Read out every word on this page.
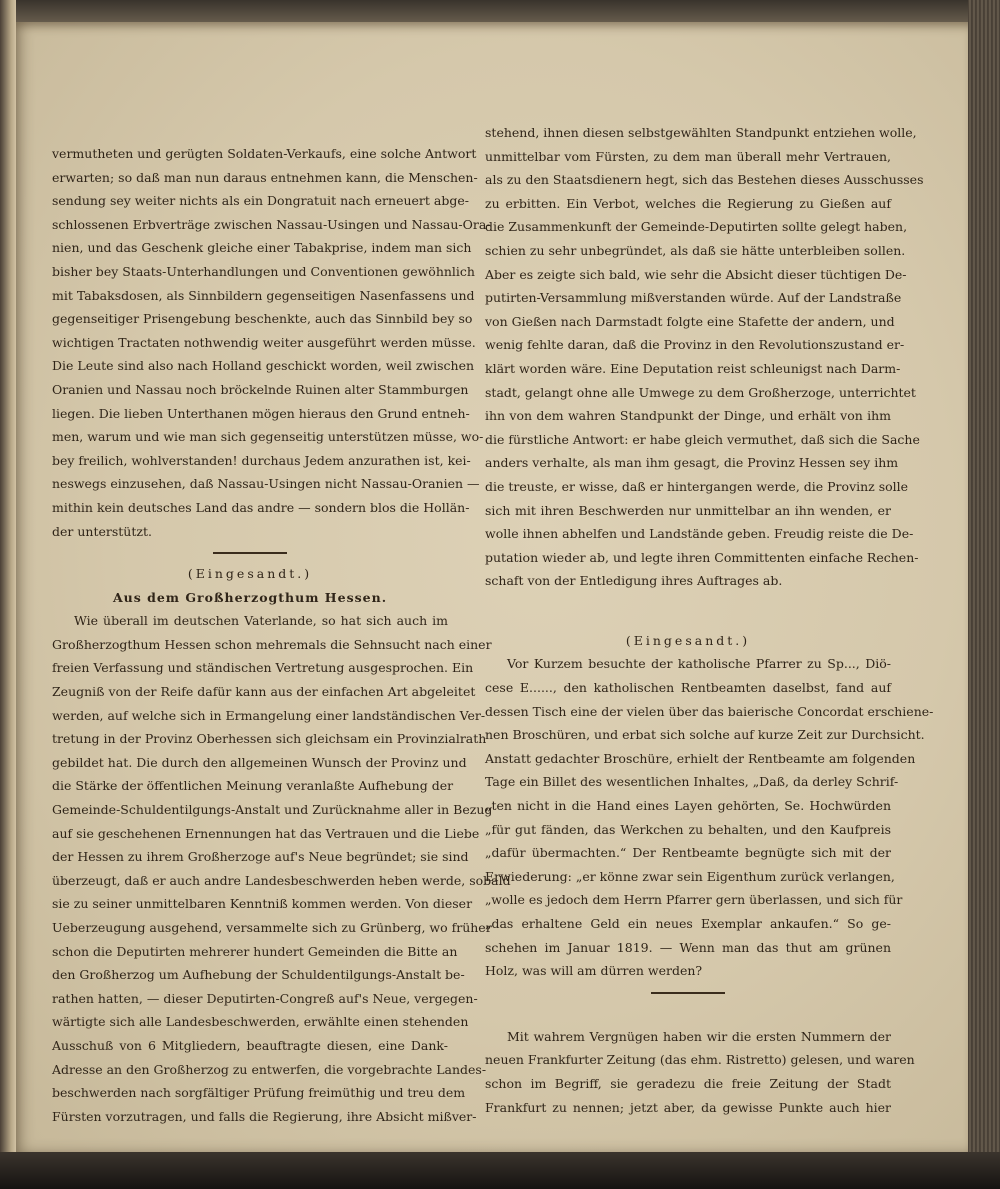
vermutheten und gerügten Soldaten-Verkaufs, eine solche Antwort
erwarten; so daß man nun daraus entnehmen kann, die Menschen-
sendung sey weiter nichts als ein Dongratuit nach erneuert abge-
schlossenen Erbverträge zwischen Nassau-Usingen und Nassau-Ora-
nien, und das Geschenk gleiche einer Tabakprise, indem man sich
bisher bey Staats-Unterhandlungen und Conventionen gewöhnlich
mit Tabaksdosen, als Sinnbildern gegenseitigen Nasenfassens und
gegenseitiger Prisengebung beschenkte, auch das Sinnbild bey so
wichtigen Tractaten nothwendig weiter ausgeführt werden müsse.
Die Leute sind also nach Holland geschickt worden, weil zwischen
Oranien und Nassau noch bröckelnde Ruinen alter Stammburgen
liegen. Die lieben Unterthanen mögen hieraus den Grund entneh-
men, warum und wie man sich gegenseitig unterstützen müsse, wo-
bey freilich, wohlverstanden! durchaus Jedem anzurathen ist, kei-
neswegs einzusehen, daß Nassau-Usingen nicht Nassau-Oranien —
mithin kein deutsches Land das andre — sondern blos die Hollän-
der unterstützt.
(Eingesandt.)
Aus dem Großherzogthum Hessen.
Wie überall im deutschen Vaterlande, so hat sich auch im
Großherzogthum Hessen schon mehremals die Sehnsucht nach einer
freien Verfassung und ständischen Vertretung ausgesprochen. Ein
Zeugniß von der Reife dafür kann aus der einfachen Art abgeleitet
werden, auf welche sich in Ermangelung einer landständischen Ver-
tretung in der Provinz Oberhessen sich gleichsam ein Provinzialrath
gebildet hat. Die durch den allgemeinen Wunsch der Provinz und
die Stärke der öffentlichen Meinung veranlaßte Aufhebung der
Gemeinde-Schuldentilgungs-Anstalt und Zurücknahme aller in Bezug
auf sie geschehenen Ernennungen hat das Vertrauen und die Liebe
der Hessen zu ihrem Großherzoge auf's Neue begründet; sie sind
überzeugt, daß er auch andre Landesbeschwerden heben werde, sobald
sie zu seiner unmittelbaren Kenntniß kommen werden. Von dieser
Ueberzeugung ausgehend, versammelte sich zu Grünberg, wo früher
schon die Deputirten mehrerer hundert Gemeinden die Bitte an
den Großherzog um Aufhebung der Schuldentilgungs-Anstalt be-
rathen hatten, — dieser Deputirten-Congreß auf's Neue, vergegen-
wärtigte sich alle Landesbeschwerden, erwählte einen stehenden
Ausschuß von 6 Mitgliedern, beauftragte diesen, eine Dank-
Adresse an den Großherzog zu entwerfen, die vorgebrachte Landes-
beschwerden nach sorgfältiger Prüfung freimüthig und treu dem
Fürsten vorzutragen, und falls die Regierung, ihre Absicht mißver-
stehend, ihnen diesen selbstgewählten Standpunkt entziehen wolle,
unmittelbar vom Fürsten, zu dem man überall mehr Vertrauen,
als zu den Staatsdienern hegt, sich das Bestehen dieses Ausschusses
zu erbitten. Ein Verbot, welches die Regierung zu Gießen auf
die Zusammenkunft der Gemeinde-Deputirten sollte gelegt haben,
schien zu sehr unbegründet, als daß sie hätte unterbleiben sollen.
Aber es zeigte sich bald, wie sehr die Absicht dieser tüchtigen De-
putirten-Versammlung mißverstanden würde. Auf der Landstraße
von Gießen nach Darmstadt folgte eine Stafette der andern, und
wenig fehlte daran, daß die Provinz in den Revolutionszustand er-
klärt worden wäre. Eine Deputation reist schleunigst nach Darm-
stadt, gelangt ohne alle Umwege zu dem Großherzoge, unterrichtet
ihn von dem wahren Standpunkt der Dinge, und erhält von ihm
die fürstliche Antwort: er habe gleich vermuthet, daß sich die Sache
anders verhalte, als man ihm gesagt, die Provinz Hessen sey ihm
die treuste, er wisse, daß er hintergangen werde, die Provinz solle
sich mit ihren Beschwerden nur unmittelbar an ihn wenden, er
wolle ihnen abhelfen und Landstände geben. Freudig reiste die De-
putation wieder ab, und legte ihren Committenten einfache Rechen-
schaft von der Entledigung ihres Auftrages ab.
(Eingesandt.)
Vor Kurzem besuchte der katholische Pfarrer zu Sp..., Diö-
cese E......, den katholischen Rentbeamten daselbst, fand auf
dessen Tisch eine der vielen über das baierische Concordat erschiene-
nen Broschüren, und erbat sich solche auf kurze Zeit zur Durchsicht.
Anstatt gedachter Broschüre, erhielt der Rentbeamte am folgenden
Tage ein Billet des wesentlichen Inhaltes, „Daß, da derley Schrif-
„ten nicht in die Hand eines Layen gehörten, Se. Hochwürden
„für gut fänden, das Werkchen zu behalten, und den Kaufpreis
„dafür übermachten.“ Der Rentbeamte begnügte sich mit der
Erwiederung: „er könne zwar sein Eigenthum zurück verlangen,
„wolle es jedoch dem Herrn Pfarrer gern überlassen, und sich für
„das erhaltene Geld ein neues Exemplar ankaufen.“ So ge-
schehen im Januar 1819. — Wenn man das thut am grünen
Holz, was will am dürren werden?
Mit wahrem Vergnügen haben wir die ersten Nummern der
neuen Frankfurter Zeitung (das ehm. Ristretto) gelesen, und waren
schon im Begriff, sie geradezu die freie Zeitung der Stadt
Frankfurt zu nennen; jetzt aber, da gewisse Punkte auch hier
